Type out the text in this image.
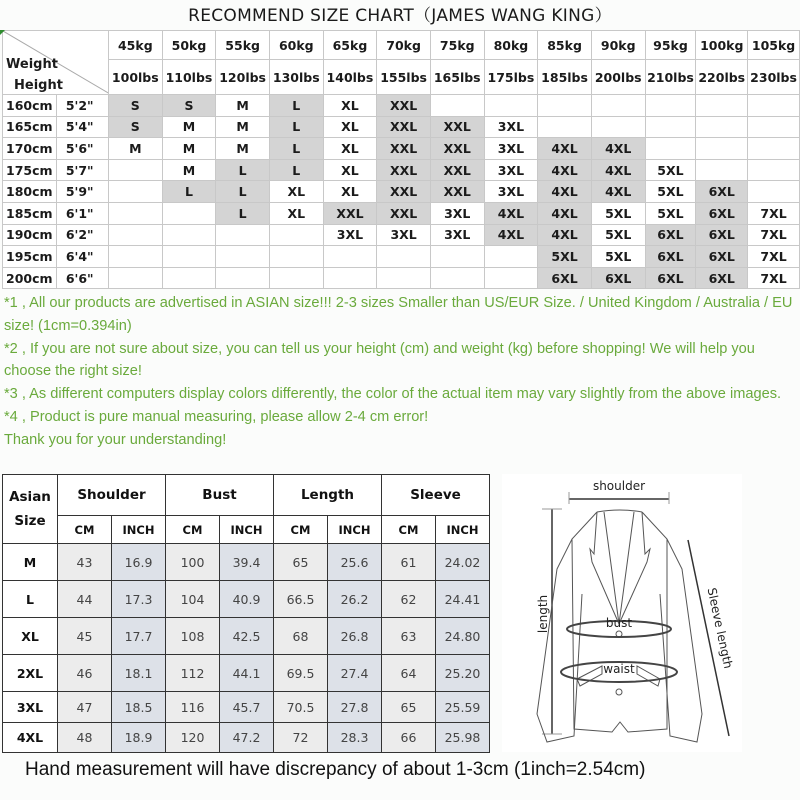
RECOMMEND SIZE CHART（JAMES WANG KING）
Weight
Height		45kg	50kg	55kg	60kg	65kg	70kg	75kg	80kg	85kg	90kg	95kg	100kg	105kg
		100lbs	110lbs	120lbs	130lbs	140lbs	155lbs	165lbs	175lbs	185lbs	200lbs	210lbs	220lbs	230lbs
160cm	5'2"	S	S	M	L	XL	XXL							
165cm	5'4"	S	M	M	L	XL	XXL	XXL	3XL					
170cm	5'6"	M	M	M	L	XL	XXL	XXL	3XL	4XL	4XL			
175cm	5'7"		M	L	L	XL	XXL	XXL	3XL	4XL	4XL	5XL		
180cm	5'9"		L	L	XL	XL	XXL	XXL	3XL	4XL	4XL	5XL	6XL	
185cm	6'1"			L	XL	XXL	XXL	3XL	4XL	4XL	5XL	5XL	6XL	7XL
190cm	6'2"					3XL	3XL	3XL	4XL	4XL	5XL	6XL	6XL	7XL
195cm	6'4"									5XL	5XL	6XL	6XL	7XL
200cm	6'6"									6XL	6XL	6XL	6XL	7XL

*1 , All our products are advertised in ASIAN size!!! 2-3 sizes Smaller than US/EUR Size. / United Kingdom / Australia / EU size! (1cm=0.394in)

*2 , If you are not sure about size, you can tell us your height (cm) and weight (kg) before shopping! We will help you choose the right size!

*3 , As different computers display colors differently, the color of the actual item may vary slightly from the above images.

*4 , Product is pure manual measuring, please allow 2-4 cm error!

Thank you for your understanding!

Asian
Size	Shoulder		Bust		Length		Sleeve	
	CM	INCH	CM	INCH	CM	INCH	CM	INCH
M	43	16.9	100	39.4	65	25.6	61	24.02
L	44	17.3	104	40.9	66.5	26.2	62	24.41
XL	45	17.7	108	42.5	68	26.8	63	24.80
2XL	46	18.1	112	44.1	69.5	27.4	64	25.20
3XL	47	18.5	116	45.7	70.5	27.8	65	25.59
4XL	48	18.9	120	47.2	72	28.3	66	25.98
shoulder
bust
waist
length	Sleeve length
Hand measurement will have discrepancy of about 1-3cm (1inch=2.54cm)
